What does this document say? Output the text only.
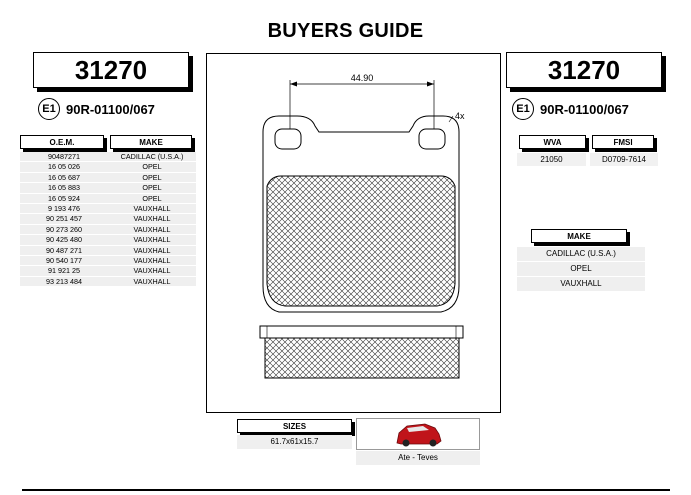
BUYERS GUIDE
31270
E1 90R-01100/067
31270
E1 90R-01100/067
O.E.M.	MAKE
90487271	CADILLAC (U.S.A.)
16 05 026	OPEL
16 05 687	OPEL
16 05 883	OPEL
16 05 924	OPEL
9 193 476	VAUXHALL
90 251 457	VAUXHALL
90 273 260	VAUXHALL
90 425 480	VAUXHALL
90 487 271	VAUXHALL
90 540 177	VAUXHALL
91 921 25	VAUXHALL
93 213 484	VAUXHALL
44.90
4x
WVA	FMSI
21050	D0709-7614
MAKE
CADILLAC (U.S.A.)
OPEL
VAUXHALL
SIZES
61.7x61x15.7
Ate - Teves
